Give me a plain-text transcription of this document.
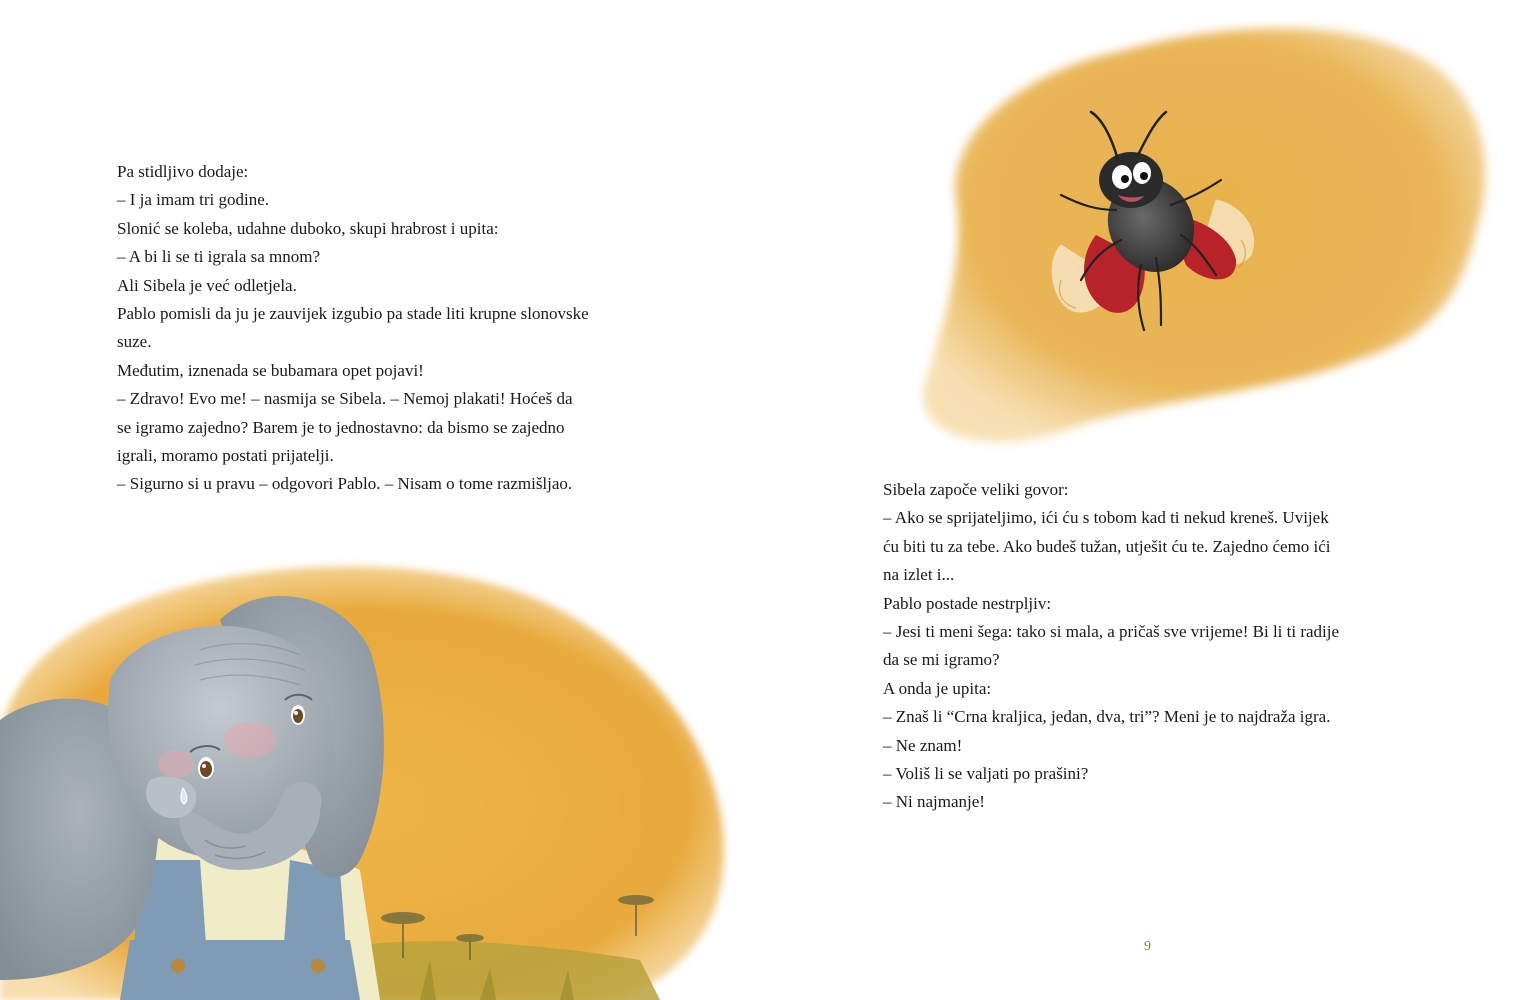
Pa stidljivo dodaje:

– I ja imam tri godine.

Slonić se koleba, udahne duboko, skupi hrabrost i upita:

– A bi li se ti igrala sa mnom?

Ali Sibela je već odletjela.

Pablo pomisli da ju je zauvijek izgubio pa stade liti krupne slonovske

suze.

Međutim, iznenada se bubamara opet pojavi!

– Zdravo! Evo me! – nasmija se Sibela. – Nemoj plakati! Hoćeš da

se igramo zajedno? Barem je to jednostavno: da bismo se zajedno

igrali, moramo postati prijatelji.

– Sigurno si u pravu – odgovori Pablo. – Nisam o tome razmišljao.	Sibela započe veliki govor:

– Ako se sprijateljimo, ići ću s tobom kad ti nekud kreneš. Uvijek

ću biti tu za tebe. Ako budeš tužan, utješit ću te. Zajedno ćemo ići

na izlet i...

Pablo postade nestrpljiv:

– Jesi ti meni šega: tako si mala, a pričaš sve vrijeme! Bi li ti radije

da se mi igramo?

A onda je upita:

– Znaš li “Crna kraljica, jedan, dva, tri”? Meni je to najdraža igra.

– Ne znam!

– Voliš li se valjati po prašini?

– Ni najmanje!

9
